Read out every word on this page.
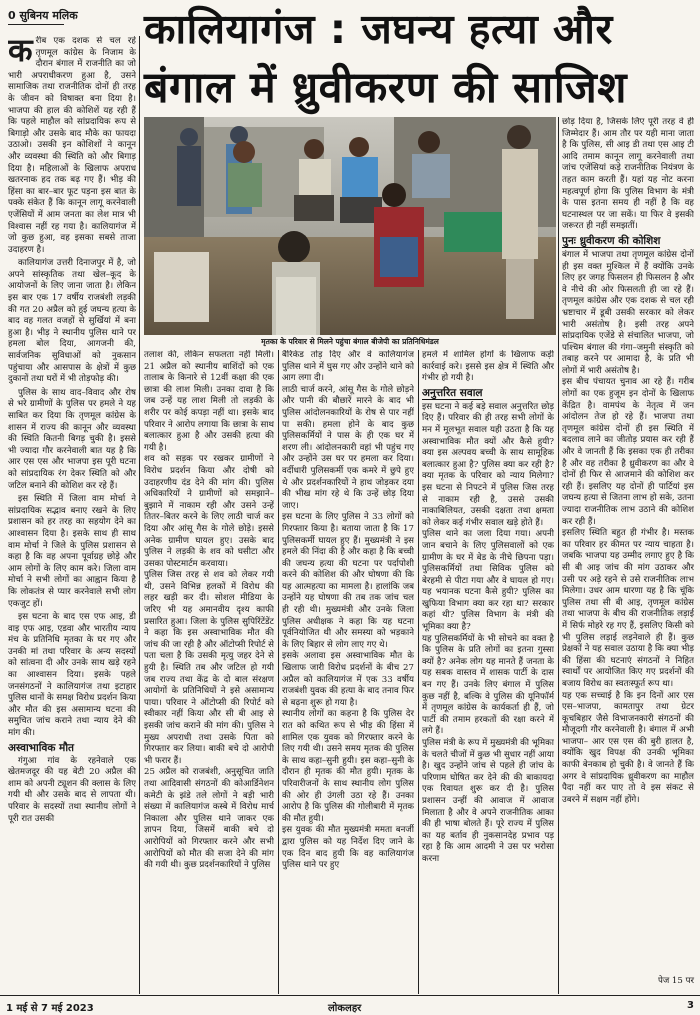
0 सुबिनय मलिक	कालियागंज : जघन्य हत्या और
बंगाल में ध्रुवीकरण की साजिश

करीब एक दशक से चल रहे तृणमूल कांग्रेस के निजाम के दौरान बंगाल में राजनीति का जो भारी अपराधीकरण हुआ है, उसने सामाजिक तथा राजनीतिक दोनों ही तरह के जीवन को विषाक्त बना दिया है। भाजपा की हाल की कोशिशें यह रही हैं कि पहले माहौल को सांप्रदायिक रूप से बिगाड़ो और उसके बाद मौके का फायदा उठाओ। उसकी इन कोशिशों ने कानून और व्यवस्था की स्थिति को और बिगाड़ दिया है। महिलाओं के खिलाफ अपराध खतरनाक हद तक बढ़ गए हैं। भीड़ की हिंसा का बार–बार फूट पड़ना इस बात के पक्के संकेत हैं कि कानून लागू करनेवाली एजेंसियों में आम जनता का लेश मात्र भी विश्वास नहीं रह गया है। कालियागंज में जो कुछ हुआ, वह इसका सबसे ताजा उदाहरण है।

कालियागंज उत्तरी दिनाजपुर में है, जो अपने सांस्कृतिक तथा खेल–कूद के आयोजनों के लिए जाना जाता है। लेकिन इस बार एक 17 वर्षीय राजबंशी लड़की की गत 20 अप्रैल को हुई जघन्य हत्या के बाद वह गलत वजहों से सुर्खियां में बना हुआ है। भीड़ ने स्थानीय पुलिस थाने पर हमला बोल दिया, आगजनी की, सार्वजनिक सुविधाओं को नुकसान पहुंचाया और आसपास के क्षेत्रों में कुछ दुकानों तथा घरों में भी तोड़फोड़ की।

पुलिस के साथ वाद–विवाद और रोष से भरे ग्रामीणों के पुलिस पर हमले ने यह साबित कर दिया कि तृणमूल कांग्रेस के शासन में राज्य की कानून और व्यवस्था की स्थिति कितनी बिगड़ चुकी है। इससे भी ज्यादा गौर करनेवाली बात यह है कि आर एस एस और भाजपा इस पूरी घटना को सांप्रदायिक रंग देकर स्थिति को और जटिल बनाने की कोशिश कर रहे हैं।

इस स्थिति में जिला वाम मोर्चा ने सांप्रदायिक सद्भाव बनाए रखने के लिए प्रशासन को हर तरह का सहयोग देने का आश्वासन दिया है। इसके साथ ही साथ वाम मोर्चा ने जिले के पुलिस प्रशासन से कहा है कि वह अपना पूर्वाग्रह छोड़े और आम लोगों के लिए काम करे। जिला वाम मोर्चा ने सभी लोगों का आह्वान किया है कि लोकतंत्र से प्यार करनेवाले सभी लोग एकजुट हों।

इस घटना के बाद एस एफ आइ, डी वाइ एफ आइ, एडवा और भारतीय न्याय मंच के प्रतिनिधि मृतका के घर गए और उनकी मां तथा परिवार के अन्य सदस्यों को सांत्वना दी और उनके साथ खड़े रहने का आश्वासन दिया। इसके पहले जनसंगठनों ने कालियागंज तथा इटाहार पुलिस थानों के समक्ष विरोध प्रदर्शन किया और मौत की इस असामान्य घटना की समुचित जांच कराने तथा न्याय देने की मांग की।

अस्वाभाविक मौत

गंगुआ गांव के रहनेवाले एक खेतमजदूर की यह बेटी 20 अप्रैल की शाम को अपनी ट्यूशन की क्लास के लिए गयी थी और उसके बाद से लापता थी। परिवार के सदस्यों तथा स्थानीय लोगों ने पूरी रात उसकी

मृतका के परिवार से मिलने पहुंचा बंगाल बीजेपी का प्रतिनिधिमंडल
तलाश की, लेकिन सफलता नहीं मिली। 21 अप्रैल को स्थानीय बाशिंदों को एक तालाब के किनारे से 12वीं कक्षा की एक छात्रा की लाश मिली। उनका दावा है कि जब उन्हें यह लाश मिली तो लड़की के शरीर पर कोई कपड़ा नहीं था। इसके बाद परिवार ने आरोप लगाया कि छात्रा के साथ बलात्कार हुआ है और उसकी हत्या की गयी है।
शव को सड़क पर रखकर ग्रामीणों ने विरोध प्रदर्शन किया और दोषी को उदाहरणीय दंड देने की मांग की। पुलिस अधिकारियों ने ग्रामीणों को समझाने–बुझाने में नाकाम रही और उसने उन्हें तितर–बितर करने के लिए लाठी चार्ज कर दिया और आंसू गैस के गोले छोड़े। इससे अनेक ग्रामीण घायल हुए। उसके बाद पुलिस ने लड़की के शव को घसीटा और उसका पोस्टमार्टम करवाया।
पुलिस जिस तरह से शव को लेकर गयी थी, उसने विभिन्न हलकों में विरोध की लहर खड़ी कर दी। सोशल मीडिया के जरिए भी यह अमानवीय दृश्य काफी प्रसारित हुआ। जिला के पुलिस सुपिरिंटेंडेंट ने कहा कि इस अस्वाभाविक मौत की जांच की जा रही है और ऑटोप्सी रिपोर्ट से पता चला है कि उसकी मृत्यु जहर देने से हुयी है। स्थिति तब और जटिल हो गयी जब राज्य तथा केंद्र के दो बाल संरक्षण आयोगों के प्रतिनिधियों ने इसे असामान्य पाया। परिवार ने ऑटोप्सी की रिपोर्ट को स्वीकार नहीं किया और सी बी आइ से इसकी जांच कराने की मांग की। पुलिस ने मुख्य अपराधी तथा उसके पिता को गिरफ्तार कर लिया। बाकी बचे दो आरोपी भी फरार हैं।
25 अप्रैल को राजबंशी, अनुसूचित जाति तथा आदिवासी संगठनों की कोआर्डिनेशन कमेटी के झंडे तले लोगों ने बड़ी भारी संख्या में कालियागंज कस्बे में विरोध मार्च निकाला और पुलिस थाने जाकर एक ज्ञापन दिया, जिसमें बाकी बचे दो आरोपियों को गिरफ्तार करने और सभी आरोपियों को मौत की सजा देने की मांग की गयी थी। कुछ प्रदर्शनकारियों ने पुलिस
बैरिकेड तोड़ दिए और वे कालियागंज पुलिस थाने में घुस गए और उन्होंने थाने को आग लगा दी।
लाठी चार्ज करने, आंसू गैस के गोले छोड़ने और पानी की बौछारें मारने के बाद भी पुलिस आंदोलनकारियों के रोष से पार नहीं पा सकी। हमला होने के बाद कुछ पुलिसकर्मियों ने पास के ही एक घर में शरण ली। आंदोलनकारी वहां भी पहुंच गए और उन्होंने उस घर पर हमला कर दिया। वर्दीधारी पुलिसकर्मी एक कमरे में छुपे हुए थे और प्रदर्शनकारियों ने हाथ जोड़कर दया की भीख मांग रहे थे कि उन्हें छोड़ दिया जाए।
इस घटना के लिए पुलिस ने 33 लोगों को गिरफ्तार किया है। बताया जाता है कि 17 पुलिसकर्मी घायल हुए हैं। मुख्यमंत्री ने इस हमले की निंदा की है और कहा है कि बच्ची की जघन्य हत्या की घटना पर पर्दापोशी करने की कोशिश की और घोषणा की कि यह आत्महत्या का मामला है। हालांकि जब उन्होंने यह घोषणा की तब तक जांच चल ही रही थी। मुख्यमंत्री और उनके जिला पुलिस अधीक्षक ने कहा कि यह घटना पूर्वनियोजित थी और समस्या को भड़काने के लिए बिहार से लोग लाए गए थे।
इसके अलावा इस अस्वाभाविक मौत के खिलाफ जारी विरोध प्रदर्शनों के बीच 27 अप्रैल को कालियागंज में एक 33 वर्षीय राजबंशी युवक की हत्या के बाद तनाव फिर से बढ़ना शुरू हो गया है।
स्थानीय लोगों का कहना है कि पुलिस देर रात को कथित रूप से भीड़ की हिंसा में शामिल एक युवक को गिरफ्तार करने के लिए गयी थी। उसने समय मृतक की पुलिस के साथ कहा–सुनी हुयी। इस कहा–सुनी के दौरान ही मृतक की मौत हुयी। मृतक के परिवारीजनों के साथ स्थानीय लोग पुलिस की ओर ही उंगली उठा रहे हैं। उनका आरोप है कि पुलिस की गोलीबारी में मृतक की मौत हुयी।
इस युवक की मौत मुख्यमंत्री ममता बनर्जी द्वारा पुलिस को यह निर्देश दिए जाने के एक दिन बाद हुयी कि वह कालियागंज पुलिस थाने पर हुए

हमले में शामिल होगों के खिलाफ कड़ी कार्रवाई करे। इससे इस क्षेत्र में स्थिति और गंभीर हो गयी है।

अनुत्तरित सवाल
इस घटना ने कई बड़े सवाल अनुत्तरित छोड़ दिए हैं। परिवार की ही तरह सभी लोगों के मन में मूलभूत सवाल यही उठता है कि यह अस्वाभाविक मौत क्यों और कैसे हुयी? क्या इस अल्पवय बच्ची के साथ सामूहिक बलात्कार हुआ है? पुलिस क्या कर रही है? क्या मृतक के परिवार को न्याय मिलेगा? इस घटना से निपटने में पुलिस जिस तरह से नाकाम रही है, उससे उसकी नाकाबिलियत, उसकी दक्षता तथा क्षमता को लेकर कई गंभीर सवाल खड़े होते हैं।
पुलिस थाने का जला दिया गया। अपनी जान बचाने के लिए पुलिसवालों को एक ग्रामीण के घर में बेड के नीचे छिपना पड़ा। पुलिसकर्मियों तथा सिविक पुलिस को बेरहमी से पीटा गया और वे घायल हो गए। यह भयानक घटना कैसे हुयी? पुलिस का खुफिया विभाग क्या कर रहा था? सरकार कहां थी? पुलिस विभाग के मंत्री की भूमिका क्या है?
यह पुलिसकर्मियों के भी सोचने का वक्त है कि पुलिस के प्रति लोगों का इतना गुस्सा क्यों है? अनेक लोग यह मानते हैं जनता के यह सबक वास्तव में शासक पार्टी के दास बन गए हैं। उनके लिए बंगाल में पुलिस कुछ नहीं है, बल्कि वे पुलिस की यूनिफॉर्म में तृणमूल कांग्रेस के कार्यकर्ता ही हैं, जो पार्टी की तमाम हरकतों की रक्षा करने में लगे हैं।
पुलिस मंत्री के रूप में मुख्यमंत्री की भूमिका के चलते चीजों में कुछ भी सुधार नहीं आया है। खुद उन्होंने जांच से पहले ही जांच के परिणाम घोषित कर देने की की बाकायदा एक रिवायत शुरू कर दी है। पुलिस प्रशासन उन्हीं की आवाज में आवाज मिलाता है और वे अपने राजनीतिक आका की ही भाषा बोलते हैं। पूरे राज्य में पुलिस का यह बर्ताव ही नुकसानदेह प्रभाव पड़ रहा है कि आम आदमी ने उस पर भरोसा करना

छोड़ दिया है, जिसके लिए पूरी तरह वे ही जिम्मेदार हैं। आम तौर पर यही माना जाता है कि पुलिस, सी आइ डी तथा एस आइ टी आदि तमाम कानून लागू करनेवाली तथा जांच एजेंसियां कड़े राजनीतिक नियंत्रण के तहत काम करती हैं। यहां यह नोट करना महत्वपूर्ण होगा कि पुलिस विभाग के मंत्री के पास इतना समय ही नहीं है कि वह घटनास्थल पर जा सकें। या फिर वे इसकी जरूरत ही नहीं समझतीं।

पुनः ध्रुवीकरण की कोशिश
बंगाल में भाजपा तथा तृणमूल कांग्रेस दोनों ही इस वक्त मुश्किल में हैं क्योंकि उनके लिए हर जगह फिसलन ही फिसलन है और वे नीचे की ओर फिसलती ही जा रहे हैं। तृणमूल कांग्रेस और एक दशक से चल रही भ्रष्टाचार में डूबी उसकी सरकार को लेकर भारी असंतोष है। इसी तरह अपने सांप्रदायिक एजेंडे से संचालित भाजपा, जो पश्चिम बंगाल की गंगा–जमुनी संस्कृति को तबाह करने पर आमादा है, के प्रति भी लोगों में भारी असंतोष है।
इस बीच पंचायत चुनाव आ रहे हैं। गरीब लोगों का एक हुजूम इन दोनों के खिलाफ केंद्रित है। वामपंथ के नेतृत्व में जन आंदोलन तेज हो रहे हैं। भाजपा तथा तृणमूल कांग्रेस दोनों ही इस स्थिति में बदलाव लाने का जीतोड़ प्रयास कर रही हैं और वे जानती हैं कि इसका एक ही तरीका है और वह तरीका है ध्रुवीकरण का और वे दोनों ही फिर से आजमाने की कोशिश कर रही हैं। इसलिए यह दोनों ही पार्टियां इस जघन्य हत्या से जितना लाभ हो सके, उतना ज्यादा राजनीतिक लाभ उठाने की कोशिश कर रही हैं।
इसलिए स्थिति बहुत ही गंभीर है। मस्तक का परिवार हर कीमत पर न्याय चाहता है। जबकि भाजपा यह उम्मीद लगाए हुए है कि सी बी आइ जांच की मांग उठाकर और उसी पर अड़े रहने से उसे राजनीतिक लाभ मिलेगा। उधर आम धारणा यह है कि चूंकि पुलिस तथा सी बी आइ, तृणमूल कांग्रेस तथा भाजपा के बीच की राजनीतिक लड़ाई में सिर्फ मोहरे रह गए हैं, इसलिए किसी को भी पुलिस लड़ाई लड़नेवाले ही हैं। कुछ प्रेक्षकों ने यह सवाल उठाया है कि क्या भीड़ की हिंसा की घटनाएं संगठनों ने निहित स्वार्थों पर आयोजित किए गए प्रदर्शनों की बजाय विरोध का स्वतःस्फूर्त रूप था।
यह एक सच्चाई है कि इन दिनों आर एस एस–भाजपा, कामतापुर तथा ग्रेटर कूचबिहार जैसे विभाजनकारी संगठनों की मौजूदगी गौर करनेवाली है। बंगाल में अभी भाजपा– आर एस एस की बुरी हालत है, क्योंकि खुद विपक्ष की उनकी भूमिका काफी बेनकाब हो चुकी है। वे जानते हैं कि अगर वे सांप्रदायिक ध्रुवीकरण का माहौल पैदा नहीं कर पाए तो वे इस संकट से उबरने में सक्षम नहीं होंगे।
पेज 15 पर
1 मई से 7 मई 2023	लोकलहर	3
